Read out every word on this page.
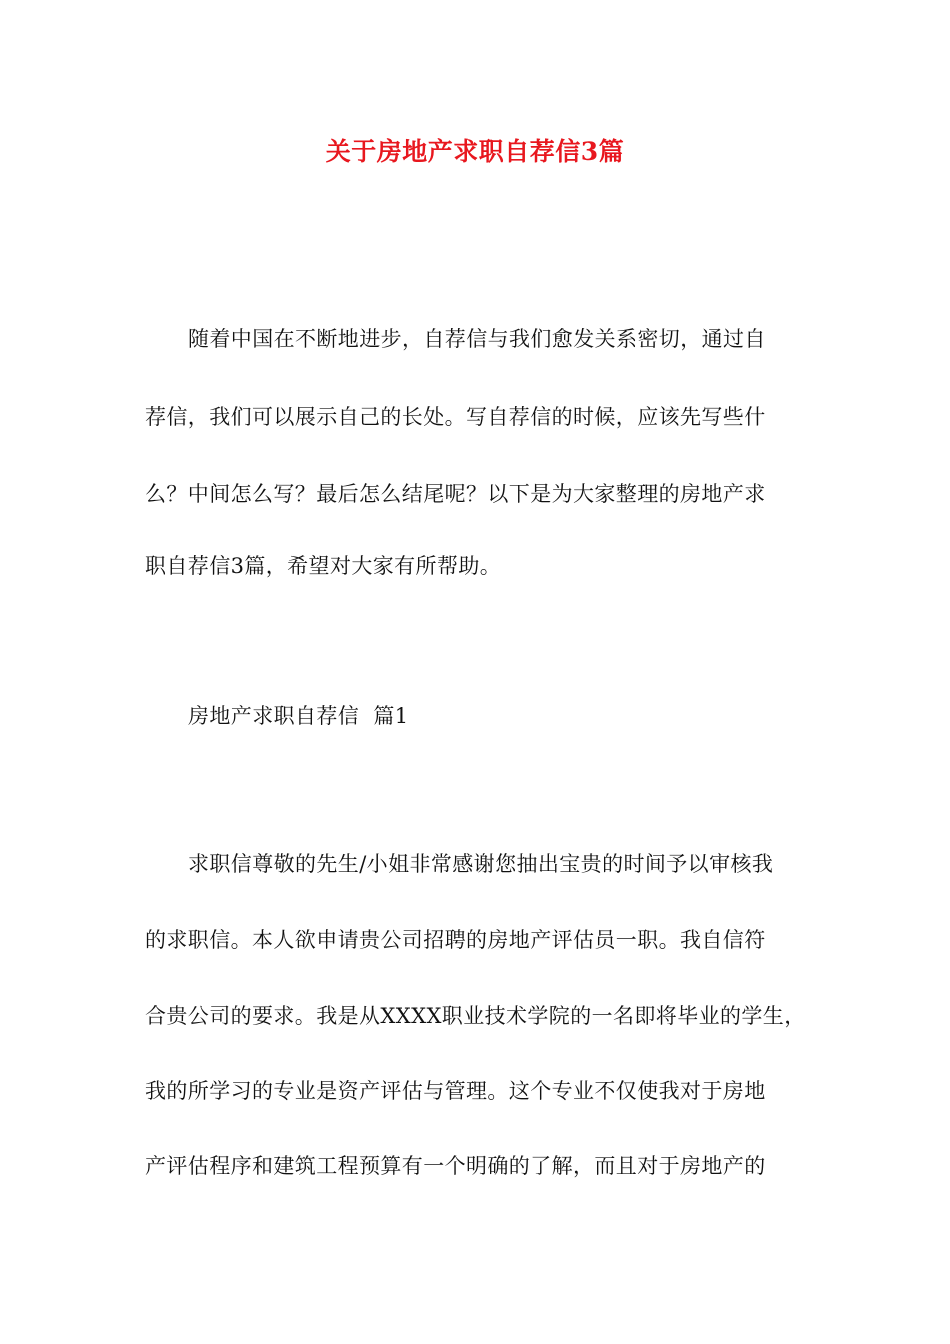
关于房地产求职自荐信3篇
随着中国在不断地进步，自荐信与我们愈发关系密切，通过自
荐信，我们可以展示自己的长处。写自荐信的时候，应该先写些什
么？中间怎么写？最后怎么结尾呢？以下是为大家整理的房地产求
职自荐信3篇，希望对大家有所帮助。
房地产求职自荐信  篇1
求职信尊敬的先生/小姐非常感谢您抽出宝贵的时间予以审核我
的求职信。本人欲申请贵公司招聘的房地产评估员一职。我自信符
合贵公司的要求。我是从XXXX职业技术学院的一名即将毕业的学生，
我的所学习的专业是资产评估与管理。这个专业不仅使我对于房地
产评估程序和建筑工程预算有一个明确的了解，而且对于房地产的
